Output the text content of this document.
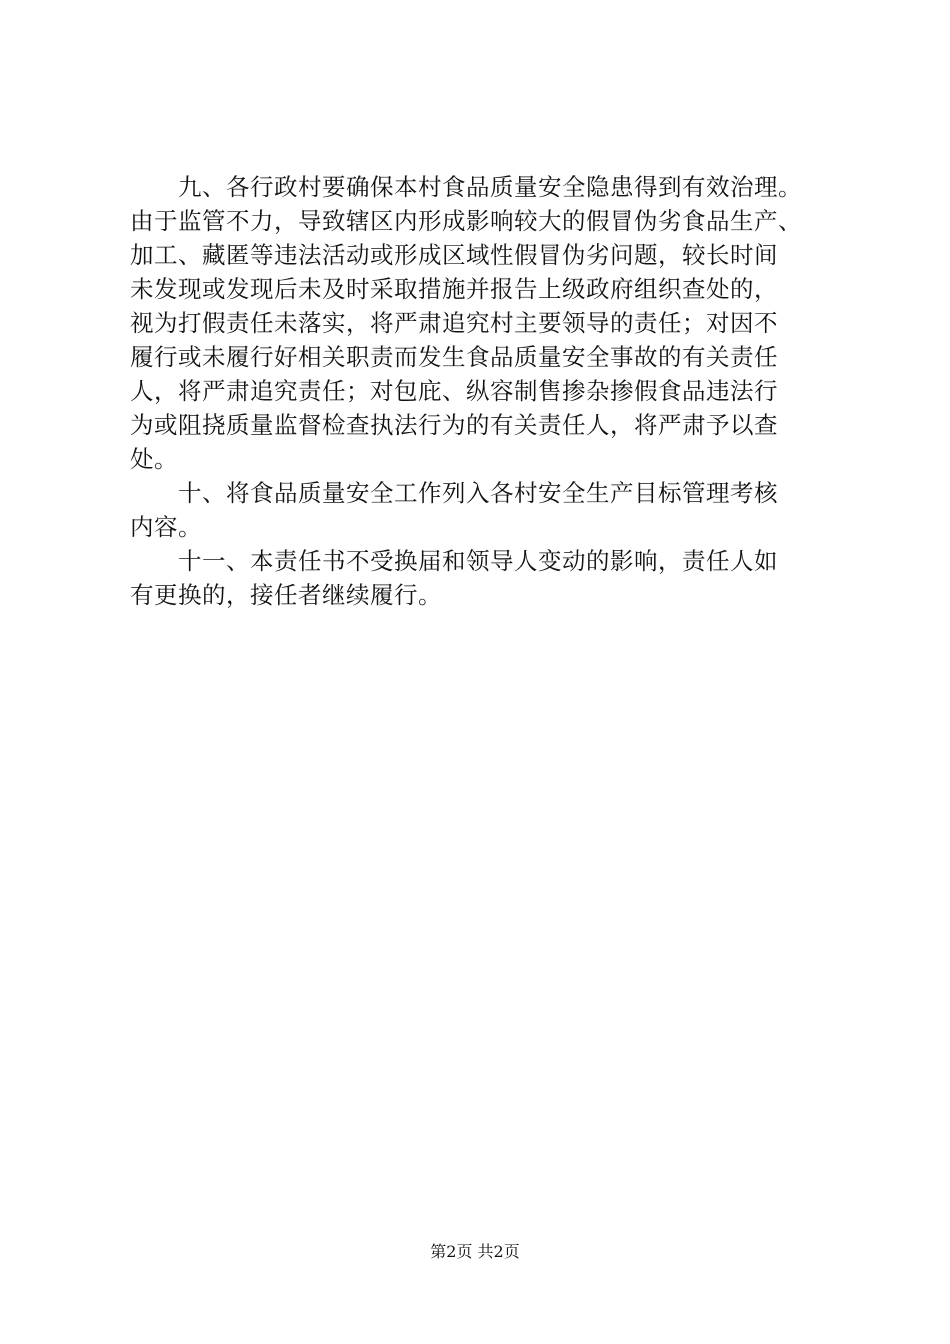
　　九、各行政村要确保本村食品质量安全隐患得到有效治理。
由于监管不力，导致辖区内形成影响较大的假冒伪劣食品生产、
加工、藏匿等违法活动或形成区域性假冒伪劣问题，较长时间
未发现或发现后未及时采取措施并报告上级政府组织查处的，
视为打假责任未落实，将严肃追究村主要领导的责任；对因不
履行或未履行好相关职责而发生食品质量安全事故的有关责任
人，将严肃追究责任；对包庇、纵容制售掺杂掺假食品违法行
为或阻挠质量监督检查执法行为的有关责任人，将严肃予以查
处。
　　十、将食品质量安全工作列入各村安全生产目标管理考核
内容。
　　十一、本责任书不受换届和领导人变动的影响，责任人如
有更换的，接任者继续履行。
第2页 共2页
